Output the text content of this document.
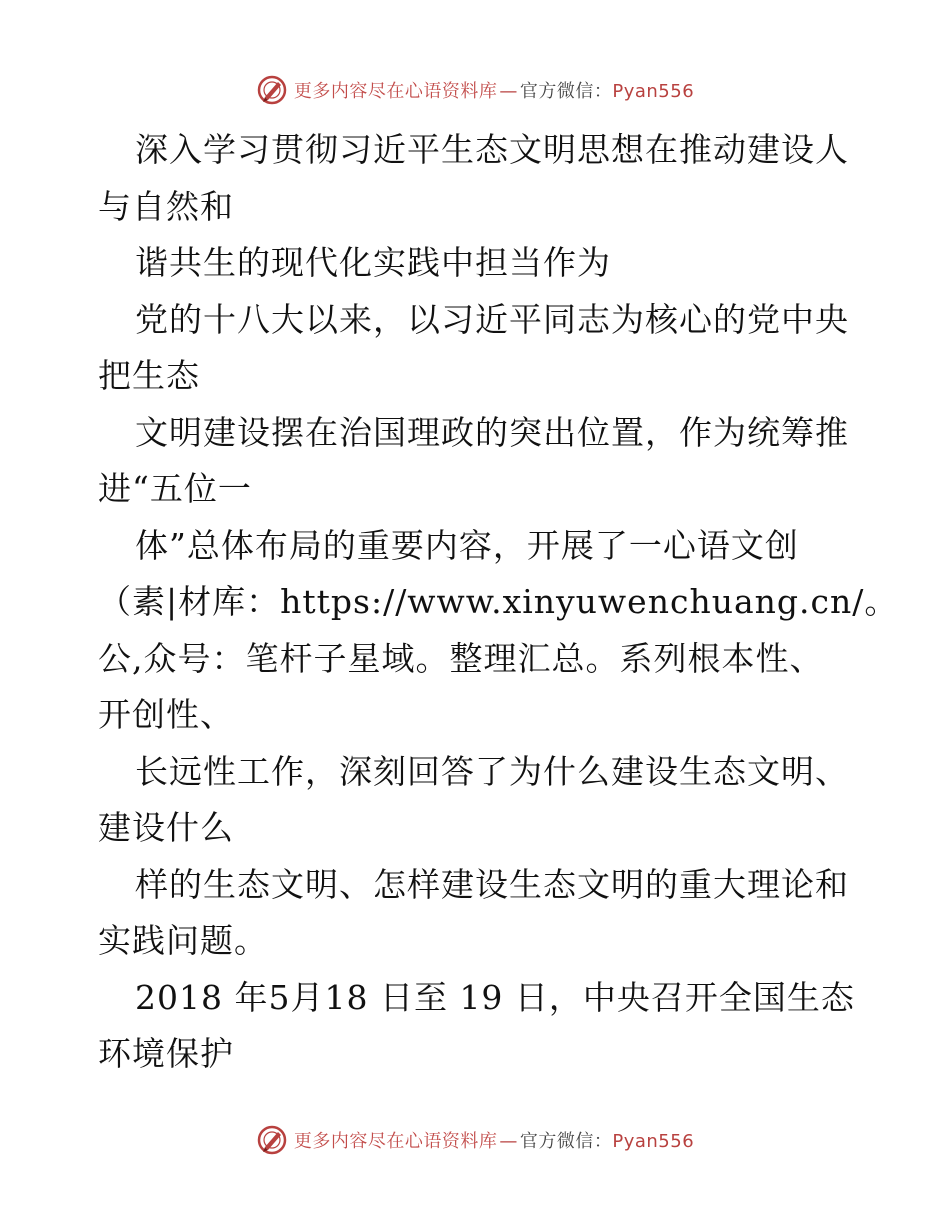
更多内容尽在心语资料库 — 官方微信：Pyan556
深入学习贯彻习近平生态文明思想在推动建设人
与自然和
谐共生的现代化实践中担当作为
党的十八大以来，以习近平同志为核心的党中央
把生态
文明建设摆在治国理政的突出位置，作为统筹推
进“五位一
体”总体布局的重要内容，开展了一心语文创
（素|材库：https://www.xinyuwenchuang.cn/。
公,众号：笔杆子星域。整理汇总。系列根本性、
开创性、
长远性工作，深刻回答了为什么建设生态文明、
建设什么
样的生态文明、怎样建设生态文明的重大理论和
实践问题。
2018 年5月18 日至 19 日，中央召开全国生态
环境保护
更多内容尽在心语资料库 — 官方微信：Pyan556
